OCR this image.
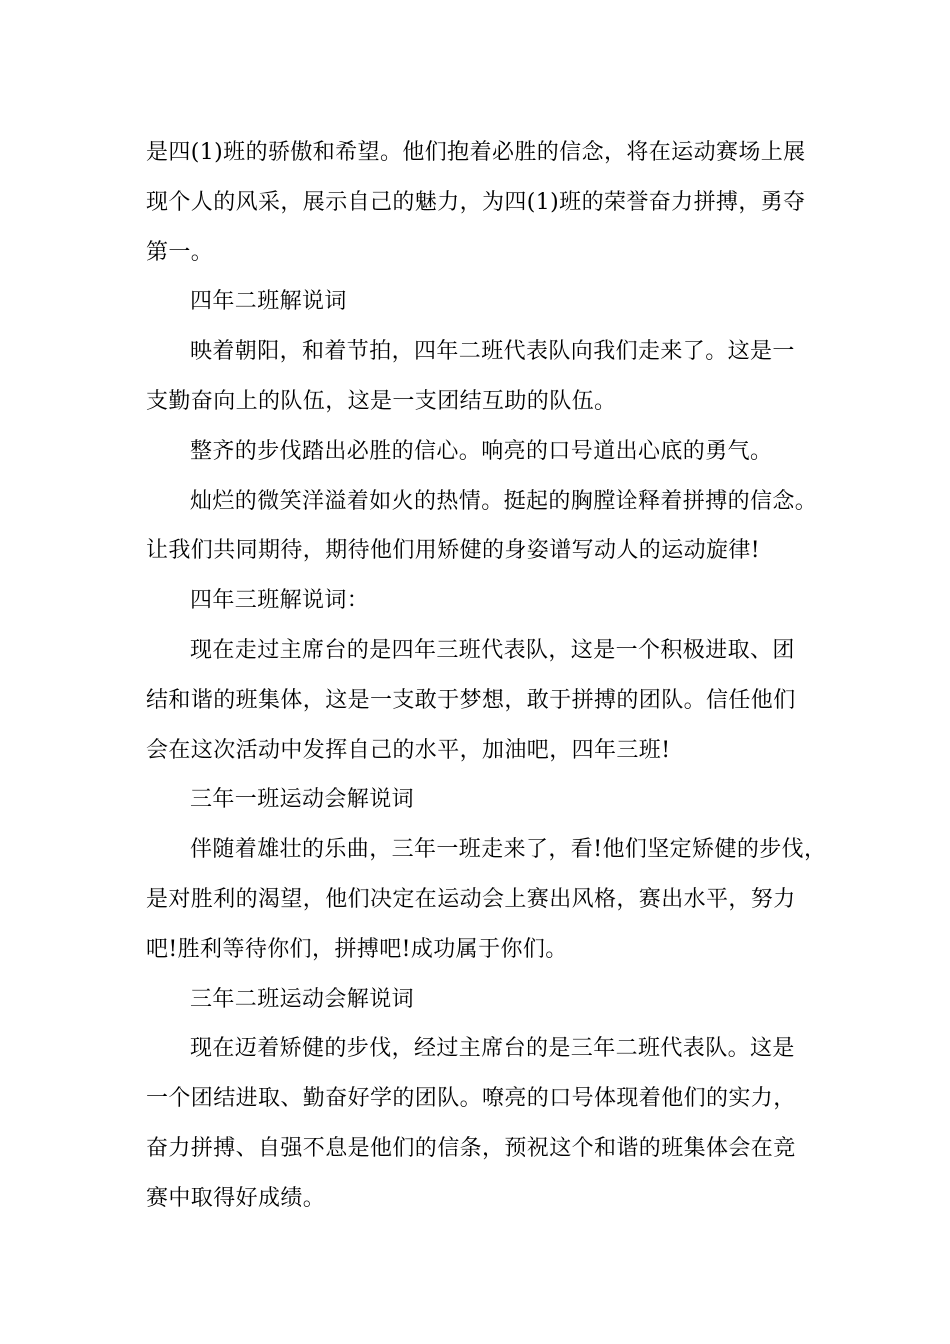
是四(1)班的骄傲和希望。他们抱着必胜的信念，将在运动赛场上展
现个人的风采，展示自己的魅力，为四(1)班的荣誉奋力拼搏，勇夺
第一。
四年二班解说词
映着朝阳，和着节拍，四年二班代表队向我们走来了。这是一
支勤奋向上的队伍，这是一支团结互助的队伍。
整齐的步伐踏出必胜的信心。响亮的口号道出心底的勇气。
灿烂的微笑洋溢着如火的热情。挺起的胸膛诠释着拼搏的信念。
让我们共同期待，期待他们用矫健的身姿谱写动人的运动旋律!
四年三班解说词：
现在走过主席台的是四年三班代表队，这是一个积极进取、团
结和谐的班集体，这是一支敢于梦想，敢于拼搏的团队。信任他们
会在这次活动中发挥自己的水平，加油吧，四年三班!
三年一班运动会解说词
伴随着雄壮的乐曲，三年一班走来了，看!他们坚定矫健的步伐，
是对胜利的渴望，他们决定在运动会上赛出风格，赛出水平，努力
吧!胜利等待你们，拼搏吧!成功属于你们。
三年二班运动会解说词
现在迈着矫健的步伐，经过主席台的是三年二班代表队。这是
一个团结进取、勤奋好学的团队。嘹亮的口号体现着他们的实力，
奋力拼搏、自强不息是他们的信条，预祝这个和谐的班集体会在竞
赛中取得好成绩。
